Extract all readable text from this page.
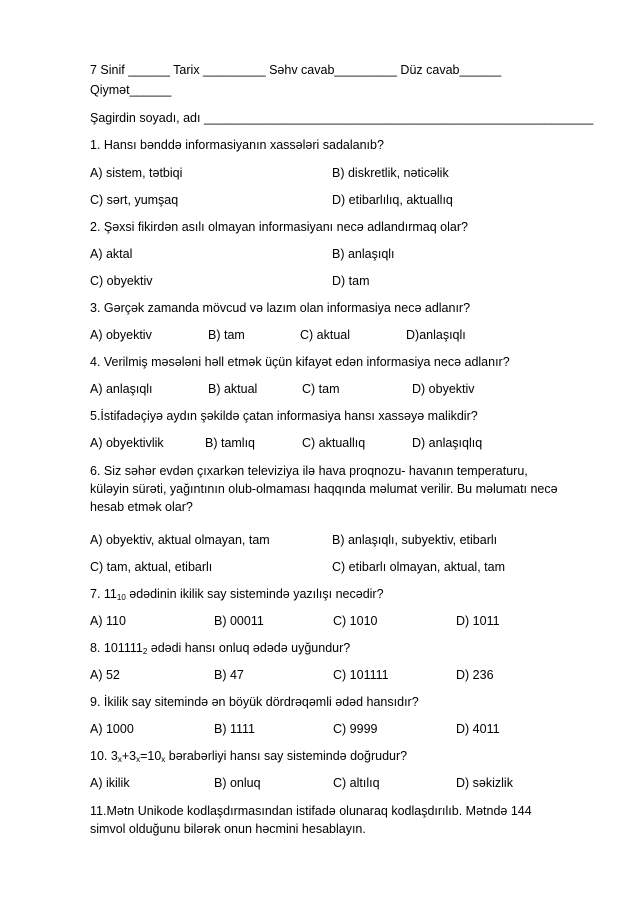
7 Sinif ______ Tarix _________ Səhv cavab_________ Düz cavab______
Qiymət______
Şagirdin soyadı, adı ________________________________________________________
1. Hansı bənddə informasiyanın xassələri sadalanıb?
A) sistem, tətbiqi	B) diskretlik, nəticəlik
C) sərt, yumşaq	D) etibarlılıq, aktuallıq
2. Şəxsi fikirdən asılı olmayan informasiyanı necə adlandırmaq olar?
A) aktal	B) anlaşıqlı
C) obyektiv	D) tam
3. Gərçək zamanda mövcud və lazım olan informasiya necə adlanır?
A) obyektiv	B) tam	C) aktual	D)anlaşıqlı
4. Verilmiş məsələni həll etmək üçün kifayət edən informasiya necə adlanır?
A) anlaşıqlı	B) aktual	C) tam	D) obyektiv
5.İstifadəçiyə aydın şəkildə çatan informasiya hansı xassəyə malikdir?
A) obyektivlik	B) tamlıq	C) aktuallıq	D) anlaşıqlıq
6. Siz səhər evdən çıxarkən televiziya ilə hava proqnozu- havanın temperaturu, küləyin sürəti, yağıntının olub-olmaması haqqında məlumat verilir. Bu məlumatı necə hesab etmək olar?
A) obyektiv, aktual olmayan, tam	B) anlaşıqlı, subyektiv, etibarlı
C) tam, aktual, etibarlı	C) etibarlı olmayan, aktual, tam
7. 1110 ədədinin ikilik say sistemində yazılışı necədir?
A) 110	B) 00011	C) 1010	D) 1011
8. 1011112 ədədi hansı onluq ədədə uyğundur?
A) 52	B) 47	C) 101111	D) 236
9. İkilik say sitemində ən böyük dördrəqəmli ədəd hansıdır?
A) 1000	B) 1111	C) 9999	D) 4011
10. 3x+3x=10x bərabərliyi hansı say sistemində doğrudur?
A) ikilik	B) onluq	C) altılıq	D) səkizlik
11.Mətn Unikode kodlaşdırmasından istifadə olunaraq kodlaşdırılıb. Mətndə 144 simvol olduğunu bilərək onun həcmini hesablayın.
